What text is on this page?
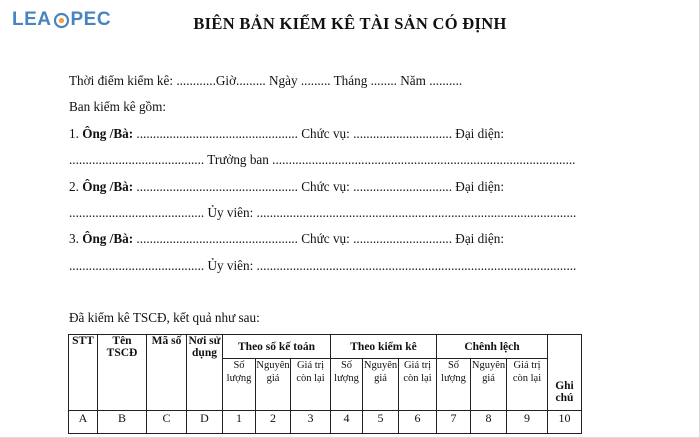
LEA PEC	BIÊN BẢN KIỂM KÊ TÀI SẢN CÓ ĐỊNH
Thời điểm kiểm kê: ............Giờ......... Ngày ......... Tháng ........ Năm ..........
Ban kiểm kê gồm:
1. Ông /Bà: ................................................. Chức vụ: .............................. Đại diện:
......................................... Trưởng ban ............................................................................................
2. Ông /Bà: ................................................. Chức vụ: .............................. Đại diện:
......................................... Ủy viên: .................................................................................................
3. Ông /Bà: ................................................. Chức vụ: .............................. Đại diện:
......................................... Ủy viên: .................................................................................................
Đã kiểm kê TSCĐ, kết quả như sau:
STT	Tên TSCĐ	Mã số	Nơi sử dụng	Theo sổ kế toán			Theo kiểm kê			Chênh lệch			Ghi chú
				Số lượng	Nguyên giá	Giá trị còn lại	Số lượng	Nguyên giá	Giá trị còn lại	Số lượng	Nguyên giá	Giá trị còn lại	
A	B	C	D	1	2	3	4	5	6	7	8	9	10
